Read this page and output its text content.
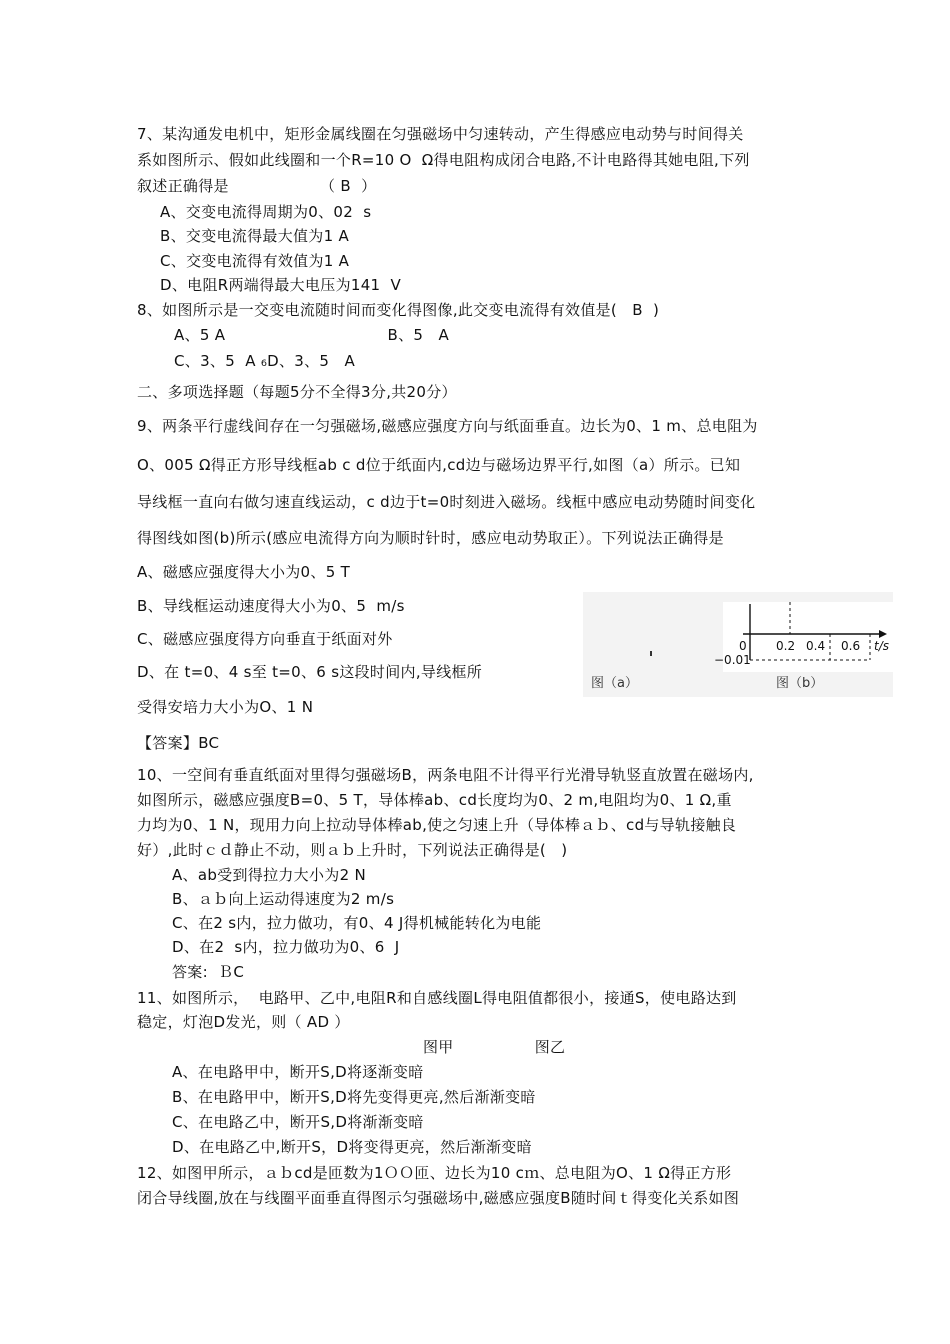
7、某沟通发电机中，矩形金属线圈在匀强磁场中匀速转动，产生得感应电动势与时间得关
系如图所示、假如此线圈和一个R=10 Ο  Ω得电阻构成闭合电路,不计电路得其她电阻,下列
叙述正确得是                  （ B  ）
A、交变电流得周期为0、02  s
B、交变电流得最大值为1 A
C、交变电流得有效值为1 A
D、电阻R两端得最大电压为141  V
8、如图所示是一交变电流随时间而变化得图像,此交变电流得有效值是(   B  )
A、5 A                                Β、5   A
C、3、5  A ₆D、3、5   A
二、多项选择题（每题5分不全得3分,共20分）
9、两条平行虚线间存在一匀强磁场,磁感应强度方向与纸面垂直。边长为0、1 m、总电阻为
O、005 Ω得正方形导线框ab c d位于纸面内,cd边与磁场边界平行,如图（a）所示。已知
导线框一直向右做匀速直线运动，c d边于t=0时刻进入磁场。线框中感应电动势随时间变化
得图线如图(b)所示(感应电流得方向为顺时针时，感应电动势取正）。下列说法正确得是
A、磁感应强度得大小为0、5 T
B、导线框运动速度得大小为0、5  m/s
C、磁感应强度得方向垂直于纸面对外
D、在 t=0、4 s至 t=0、6 s这段时间内,导线框所
受得安培力大小为O、1 N
【答案】BC
10、一空间有垂直纸面对里得匀强磁场B，两条电阻不计得平行光滑导轨竖直放置在磁场内,
如图所示，磁感应强度B=0、5 T，导体棒ab、cd长度均为0、2 m,电阻均为0、1 Ω,重
力均为0、1 N，现用力向上拉动导体棒ab,使之匀速上升（导体棒ａｂ、cd与导轨接触良
好）,此时ｃｄ静止不动，则ａｂ上升时，下列说法正确得是(   )
A、ab受到得拉力大小为2 N
B、ａｂ向上运动得速度为2 m/s
C、在2 s内，拉力做功，有0、4 J得机械能转化为电能
D、在2  s内，拉力做功为0、6  J
答案:  ＢC
11、如图所示，  电路甲、乙中,电阻R和自感线圈L得电阻值都很小，接通S，使电路达到
稳定，灯泡D发光，则（ AD ）
图甲                图乙
A、在电路甲中，断开S,D将逐渐变暗
B、在电路甲中，断开S,D将先变得更亮,然后渐渐变暗
C、在电路乙中，断开S,D将渐渐变暗
D、在电路乙中,断开S，D将变得更亮，然后渐渐变暗
12、如图甲所示，ａｂcd是匝数为1ＯＯ匝、边长为10 cｍ、总电阻为Ο、1 Ω得正方形
闭合导线圈,放在与线圈平面垂直得图示匀强磁场中,磁感应强度B随时间ｔ得变化关系如图
0 0.2 0.4 0.6 t/s
−0.01
图（a）	图（b）
